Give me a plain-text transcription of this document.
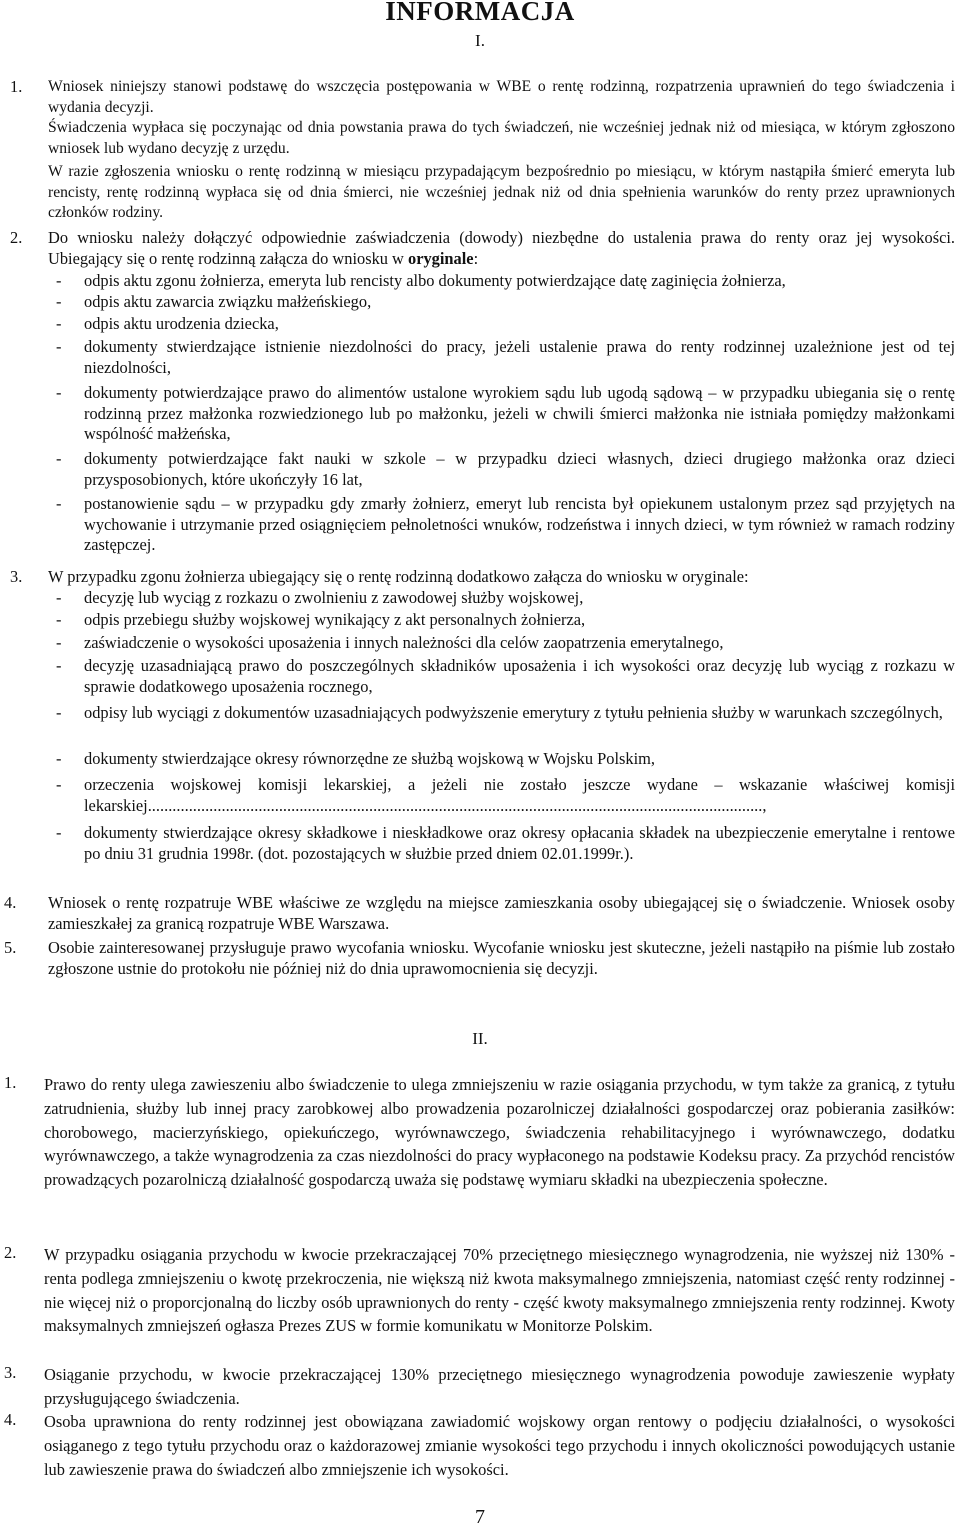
INFORMACJA
I.
1. Wniosek niniejszy stanowi podstawę do wszczęcia postępowania w WBE o rentę rodzinną, rozpatrzenia uprawnień do tego świadczenia i wydania decyzji.
Świadczenia wypłaca się poczynając od dnia powstania prawa do tych świadczeń, nie wcześniej jednak niż od miesiąca, w którym zgłoszono wniosek lub wydano decyzję z urzędu.
W razie zgłoszenia wniosku o rentę rodzinną w miesiącu przypadającym bezpośrednio po miesiącu, w którym nastąpiła śmierć emeryta lub rencisty, rentę rodzinną wypłaca się od dnia śmierci, nie wcześniej jednak niż od dnia spełnienia warunków do renty przez uprawnionych członków rodziny.
2. Do wniosku należy dołączyć odpowiednie zaświadczenia (dowody) niezbędne do ustalenia prawa do renty oraz jej wysokości. Ubiegający się o rentę rodzinną załącza do wniosku w oryginale:
- odpis aktu zgonu żołnierza, emeryta lub rencisty albo dokumenty potwierdzające datę zaginięcia żołnierza,
- odpis aktu zawarcia związku małżeńskiego,
- odpis aktu urodzenia dziecka,
- dokumenty stwierdzające istnienie niezdolności do pracy, jeżeli ustalenie prawa do renty rodzinnej uzależnione jest od tej niezdolności,
- dokumenty potwierdzające prawo do alimentów ustalone wyrokiem sądu lub ugodą sądową – w przypadku ubiegania się o rentę rodzinną przez małżonka rozwiedzionego lub po małżonku, jeżeli w chwili śmierci małżonka nie istniała pomiędzy małżonkami wspólność małżeńska,
- dokumenty potwierdzające fakt nauki w szkole – w przypadku dzieci własnych, dzieci drugiego małżonka oraz dzieci przysposobionych, które ukończyły 16 lat,
- postanowienie sądu – w przypadku gdy zmarły żołnierz, emeryt lub rencista był opiekunem ustalonym przez sąd przyjętych na wychowanie i utrzymanie przed osiągnięciem pełnoletności wnuków, rodzeństwa i innych dzieci, w tym również w ramach rodziny zastępczej.
3. W przypadku zgonu żołnierza ubiegający się o rentę rodzinną dodatkowo załącza do wniosku w oryginale:
- decyzję lub wyciąg z rozkazu o zwolnieniu z zawodowej służby wojskowej,
- odpis przebiegu służby wojskowej wynikający z akt personalnych żołnierza,
- zaświadczenie o wysokości uposażenia i innych należności dla celów zaopatrzenia emerytalnego,
- decyzję uzasadniającą prawo do poszczególnych składników uposażenia i ich wysokości oraz decyzję lub wyciąg z rozkazu w sprawie dodatkowego uposażenia rocznego,
- odpisy lub wyciągi z dokumentów uzasadniających podwyższenie emerytury z tytułu pełnienia służby w warunkach szczególnych,
- dokumenty stwierdzające okresy równorzędne ze służbą wojskową w Wojsku Polskim,
- orzeczenia wojskowej komisji lekarskiej, a jeżeli nie zostało jeszcze wydane – wskazanie właściwej komisji lekarskiej......................................................................................................................................................,
- dokumenty stwierdzające okresy składkowe i nieskładkowe oraz okresy opłacania składek na ubezpieczenie emerytalne i rentowe po dniu 31 grudnia 1998r. (dot. pozostających w służbie przed dniem 02.01.1999r.).
4. Wniosek o rentę rozpatruje WBE właściwe ze względu na miejsce zamieszkania osoby ubiegającej się o świadczenie. Wniosek osoby zamieszkałej za granicą rozpatruje WBE Warszawa.
5. Osobie zainteresowanej przysługuje prawo wycofania wniosku. Wycofanie wniosku jest skuteczne, jeżeli nastąpiło na piśmie lub zostało zgłoszone ustnie do protokołu nie później niż do dnia uprawomocnienia się decyzji.
II.
1. Prawo do renty ulega zawieszeniu albo świadczenie to ulega zmniejszeniu w razie osiągania przychodu, w tym także za granicą, z tytułu zatrudnienia, służby lub innej pracy zarobkowej albo prowadzenia pozarolniczej działalności gospodarczej oraz pobierania zasiłków: chorobowego, macierzyńskiego, opiekuńczego, wyrównawczego, świadczenia rehabilitacyjnego i wyrównawczego, dodatku wyrównawczego, a także wynagrodzenia za czas niezdolności do pracy wypłaconego na podstawie Kodeksu pracy. Za przychód rencistów prowadzących pozarolniczą działalność gospodarczą uważa się podstawę wymiaru składki na ubezpieczenia społeczne.
2. W przypadku osiągania przychodu w kwocie przekraczającej 70% przeciętnego miesięcznego wynagrodzenia, nie wyższej niż 130% - renta podlega zmniejszeniu o kwotę przekroczenia, nie większą niż kwota maksymalnego zmniejszenia, natomiast część renty rodzinnej - nie więcej niż o proporcjonalną do liczby osób uprawnionych do renty - część kwoty maksymalnego zmniejszenia renty rodzinnej. Kwoty maksymalnych zmniejszeń ogłasza Prezes ZUS w formie komunikatu w Monitorze Polskim.
3. Osiąganie przychodu, w kwocie przekraczającej 130% przeciętnego miesięcznego wynagrodzenia powoduje zawieszenie wypłaty przysługującego świadczenia.
4. Osoba uprawniona do renty rodzinnej jest obowiązana zawiadomić wojskowy organ rentowy o podjęciu działalności, o wysokości osiąganego z tego tytułu przychodu oraz o każdorazowej zmianie wysokości tego przychodu i innych okoliczności powodujących ustanie lub zawieszenie prawa do świadczeń albo zmniejszenie ich wysokości.
7
